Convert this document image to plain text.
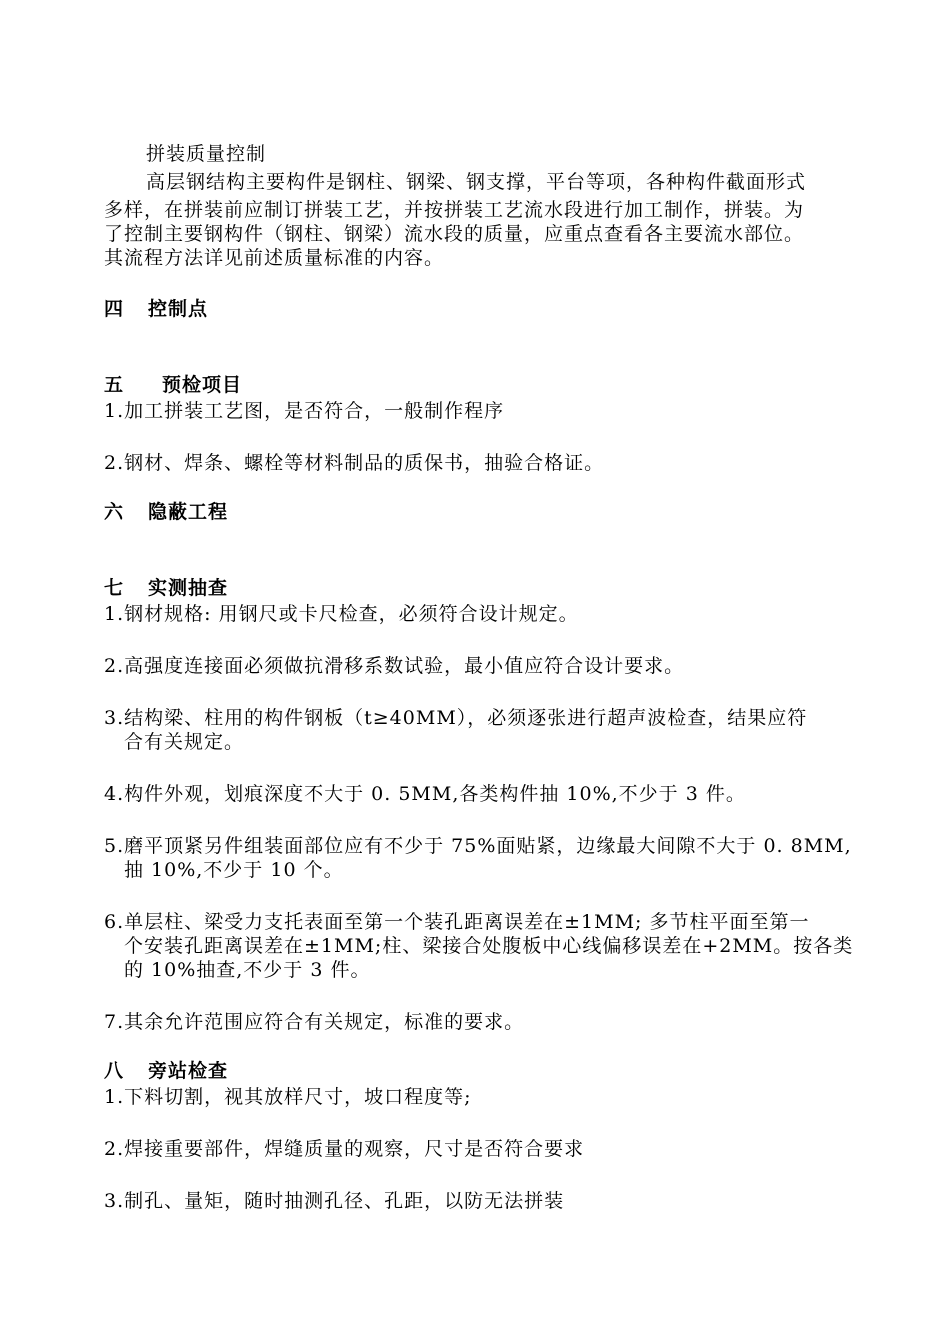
拼装质量控制
高层钢结构主要构件是钢柱、钢梁、钢支撑，平台等项，各种构件截面形式
多样，在拼装前应制订拼装工艺，并按拼装工艺流水段进行加工制作，拼装。为
了控制主要钢构件（钢柱、钢梁）流水段的质量，应重点查看各主要流水部位。
其流程方法详见前述质量标准的内容。
四 控制点
五 预检项目
1.加工拼装工艺图，是否符合，一般制作程序
2.钢材、焊条、螺栓等材料制品的质保书，抽验合格证。
六 隐蔽工程
七 实测抽查
1.钢材规格: 用钢尺或卡尺检查，必须符合设计规定。
2.高强度连接面必须做抗滑移系数试验，最小值应符合设计要求。
3.结构梁、柱用的构件钢板（t≥40MM），必须逐张进行超声波检查，结果应符
合有关规定。
4.构件外观，划痕深度不大于 0. 5MM,各类构件抽 10%,不少于 3 件。
5.磨平顶紧另件组装面部位应有不少于 75%面贴紧，边缘最大间隙不大于 0. 8MM,
抽 10%,不少于 10 个。
6.单层柱、梁受力支托表面至第一个装孔距离误差在±1MM; 多节柱平面至第一
个安装孔距离误差在±1MM;柱、梁接合处腹板中心线偏移误差在+2MM。按各类
的 10%抽查,不少于 3 件。
7.其余允许范围应符合有关规定，标准的要求。
八 旁站检查
1.下料切割，视其放样尺寸，坡口程度等;
2.焊接重要部件，焊缝质量的观察，尺寸是否符合要求
3.制孔、量矩，随时抽测孔径、孔距，以防无法拼装
